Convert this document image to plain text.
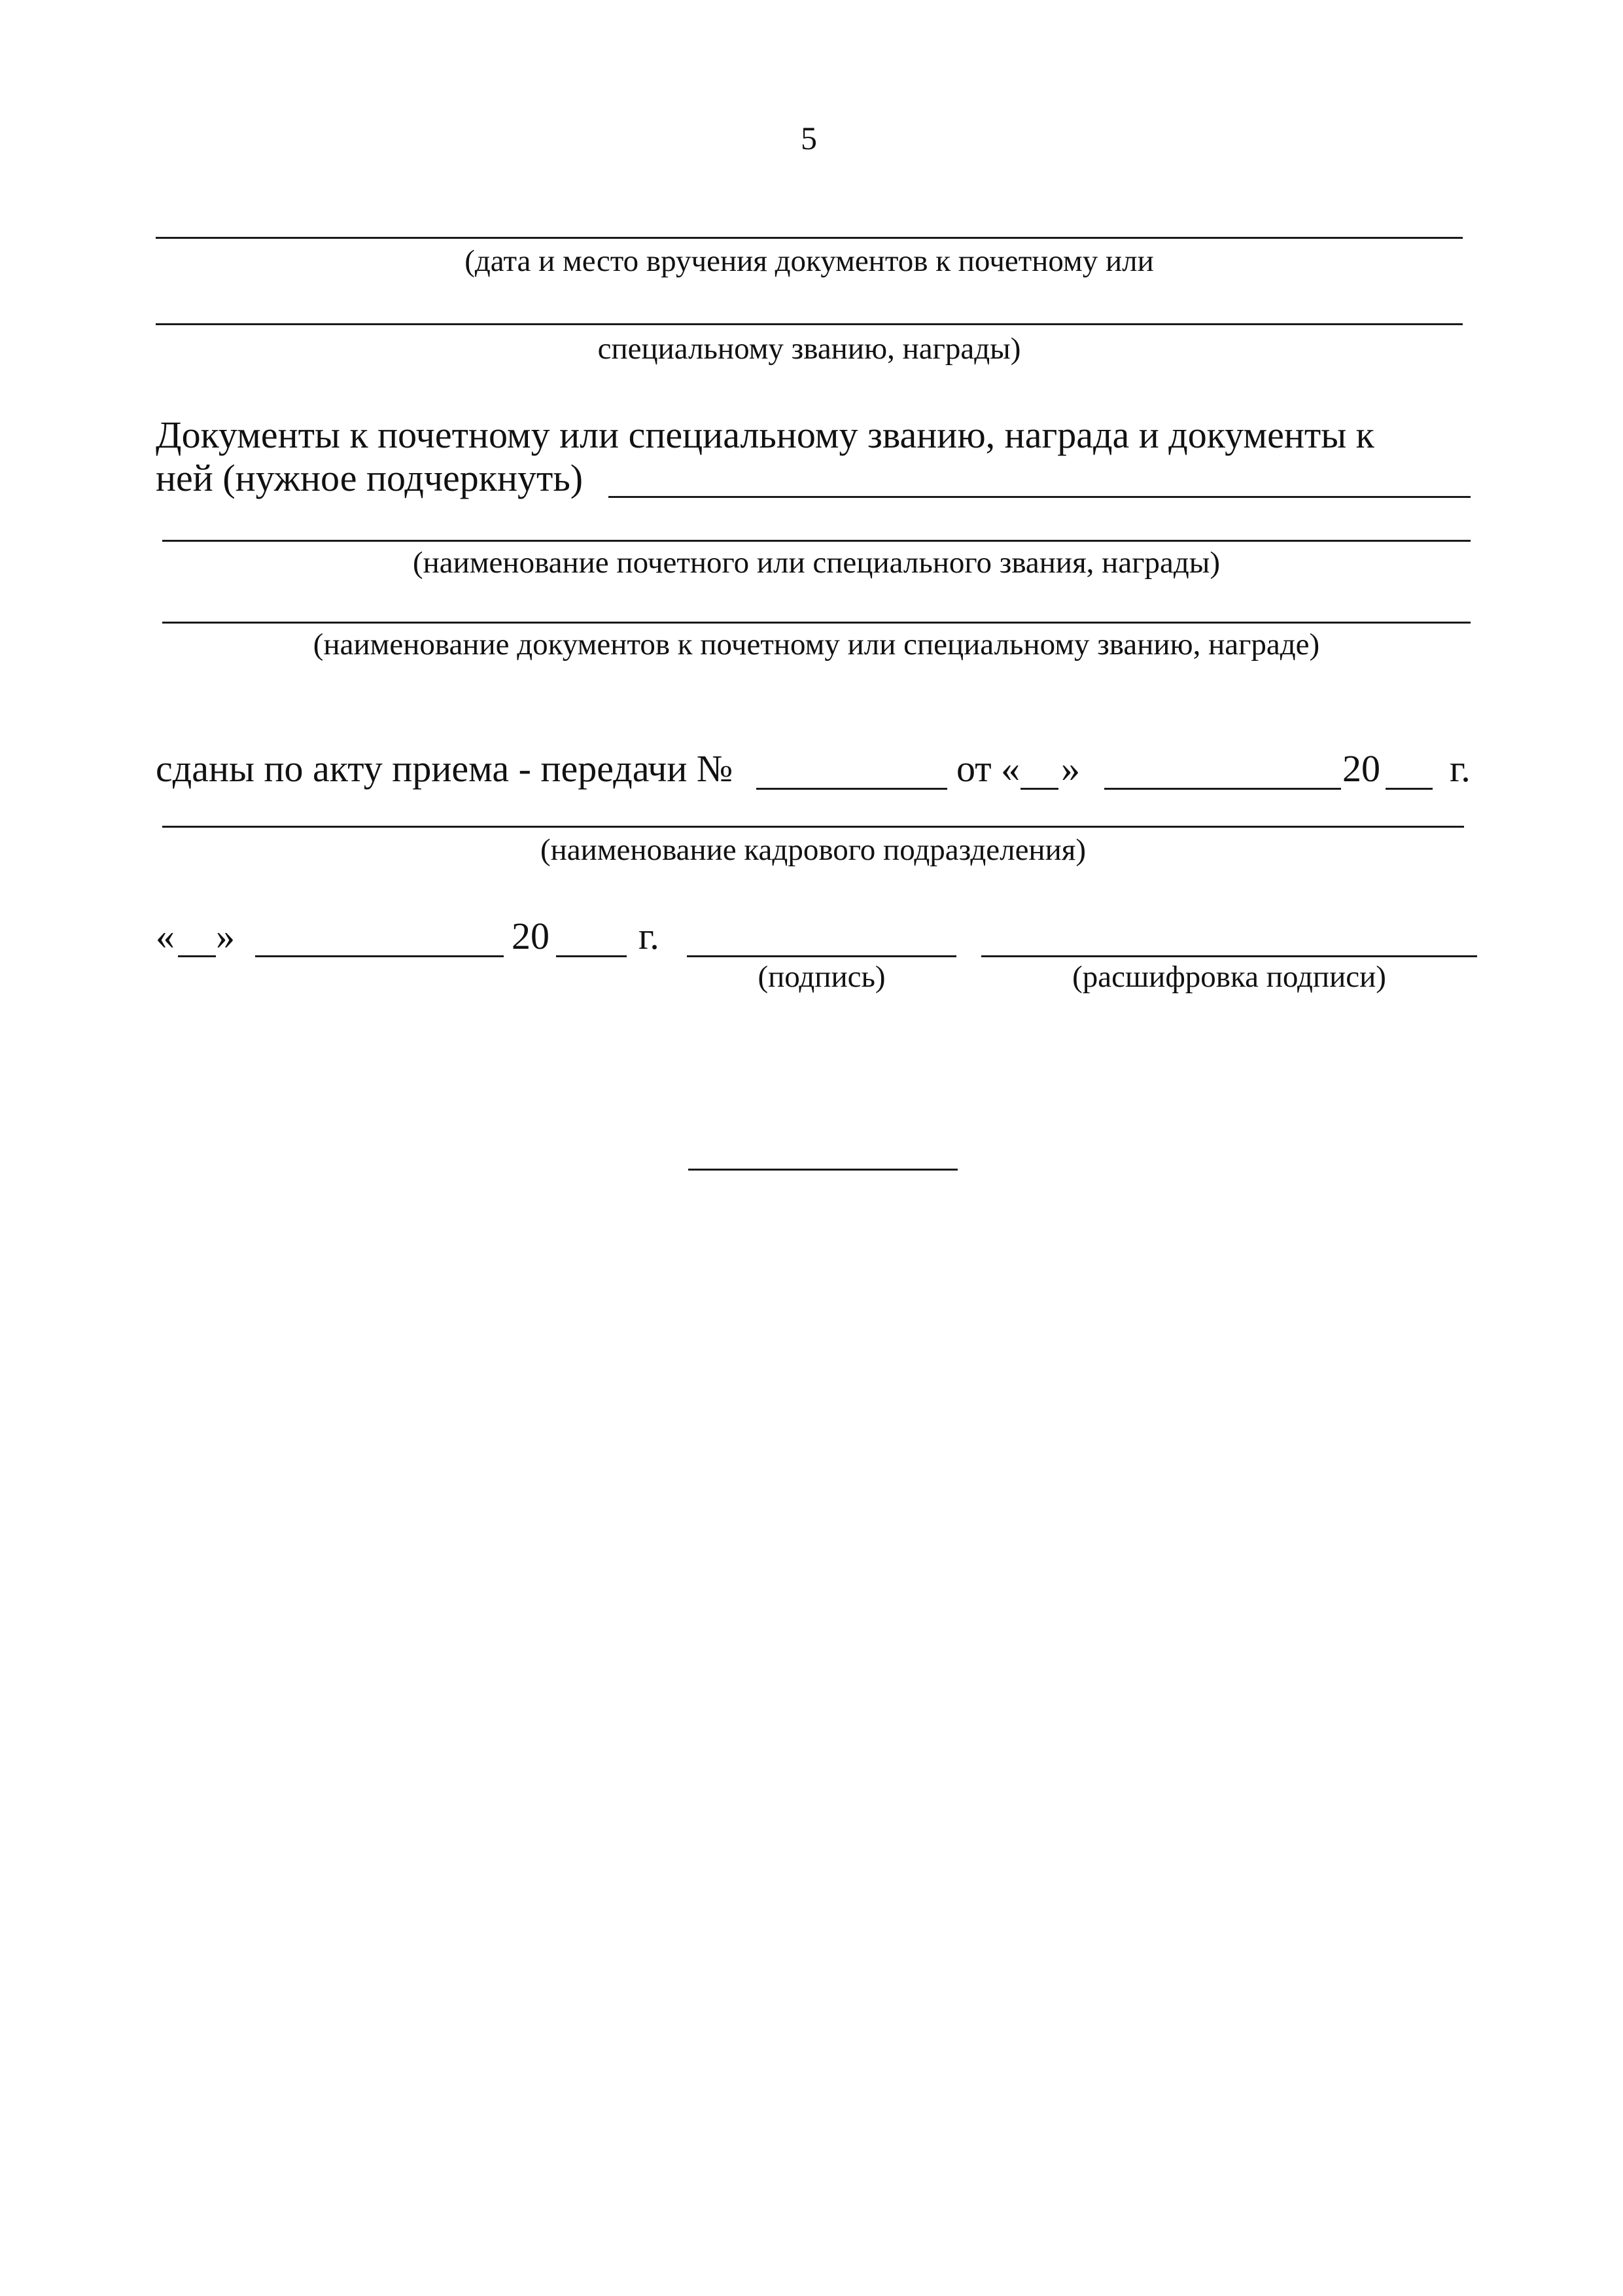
5
(дата и место вручения документов к почетному или
специальному званию, награды)
Документы к почетному или специальному званию, награда и документы к
ней (нужное подчеркнуть)
(наименование почетного или специального звания, награды)
(наименование документов к почетному или специальному званию, награде)
сданы по акту приема - передачи №	от « »	20 г.
(наименование кадрового подразделения)
« »	20 г.
(подпись)	(расшифровка подписи)
